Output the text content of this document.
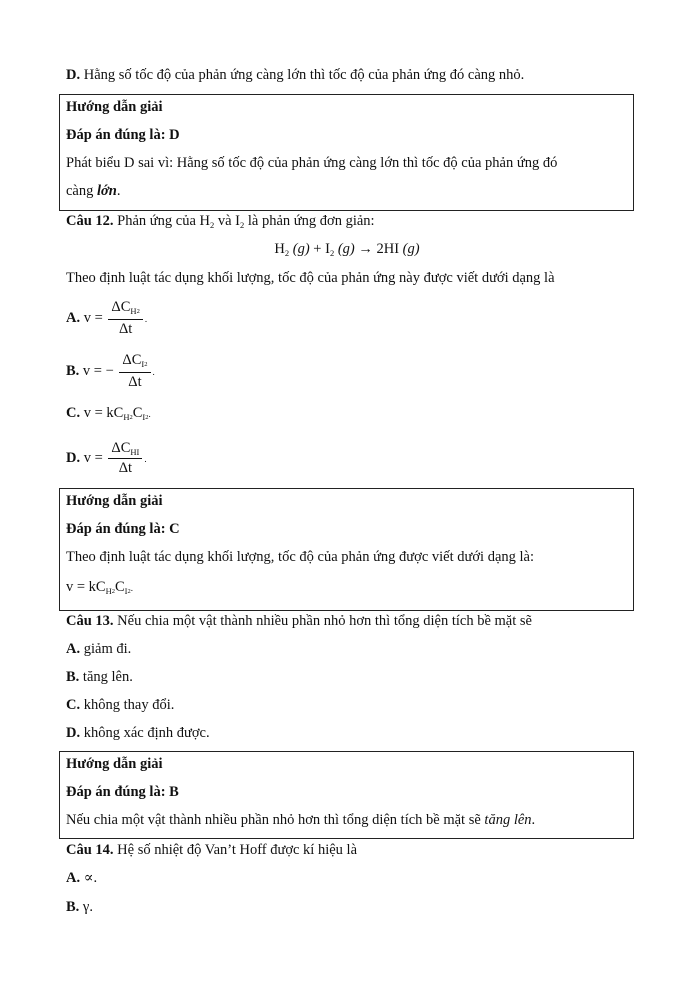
D. Hằng số tốc độ của phản ứng càng lớn thì tốc độ của phản ứng đó càng nhỏ.
Hướng dẫn giải
Đáp án đúng là: D
Phát biểu D sai vì: Hằng số tốc độ của phản ứng càng lớn thì tốc độ của phản ứng đó
càng lớn.
Câu 12. Phản ứng của $H_2$ và $I_2$ là phản ứng đơn giản:
$H_2$ $(g) + I_2$ (g) → 2HI (g)
Theo định luật tác dụng khối lượng, tốc độ của phản ứng này được viết dưới dạng là
A. $v = \frac{\Delta C_H2}{\Delta t}$ .
B. v = − $\frac{\Delta C_I2}{\Delta t}$ .
C. $v = kC_H2C_I2$.
D. $v = \frac{\Delta C_{HI}}{\Delta t}$ .
Hướng dẫn giải
Đáp án đúng là: C
Theo định luật tác dụng khối lượng, tốc độ của phản ứng được viết dưới dạng là:
$v = kC_H2C_I2$.
Câu 13. Nếu chia một vật thành nhiều phần nhỏ hơn thì tổng diện tích bề mặt sẽ
A. giảm đi.
B. tăng lên.
C. không thay đổi.
D. không xác định được.
Hướng dẫn giải
Đáp án đúng là: B
Nếu chia một vật thành nhiều phần nhỏ hơn thì tổng diện tích bề mặt sẽ tăng lên.
Câu 14. Hệ số nhiệt độ Van’t Hoff được kí hiệu là
A. ∝.
B. γ.
